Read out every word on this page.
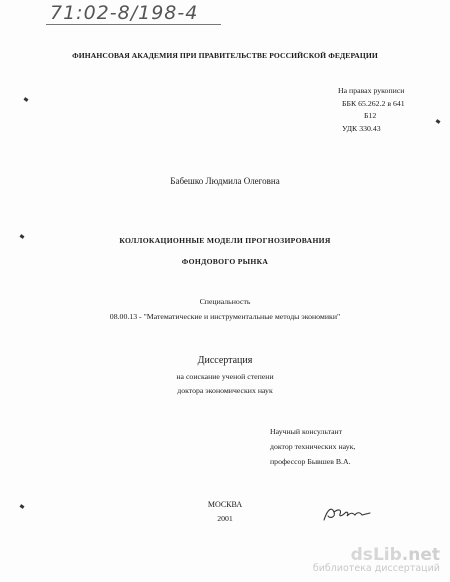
71:02-8/198-4
ФИНАНСОВАЯ АКАДЕМИЯ ПРИ ПРАВИТЕЛЬСТВЕ РОССИЙСКОЙ ФЕДЕРАЦИИ
На правах рукописи
ББК 65.262.2 в 641
Б12
УДК 330.43
Бабешко Людмила Олеговна
КОЛЛОКАЦИОННЫЕ МОДЕЛИ ПРОГНОЗИРОВАНИЯ
ФОНДОВОГО РЫНКА
Специальность
08.00.13 - "Математические и инструментальные методы экономики"
Диссертация
на соискание ученой степени
доктора экономических наук
Научный консультант
доктор технических наук,
профессор Бывшев В.А.
МОСКВА
2001
dsLib.net
библиотека диссертаций
